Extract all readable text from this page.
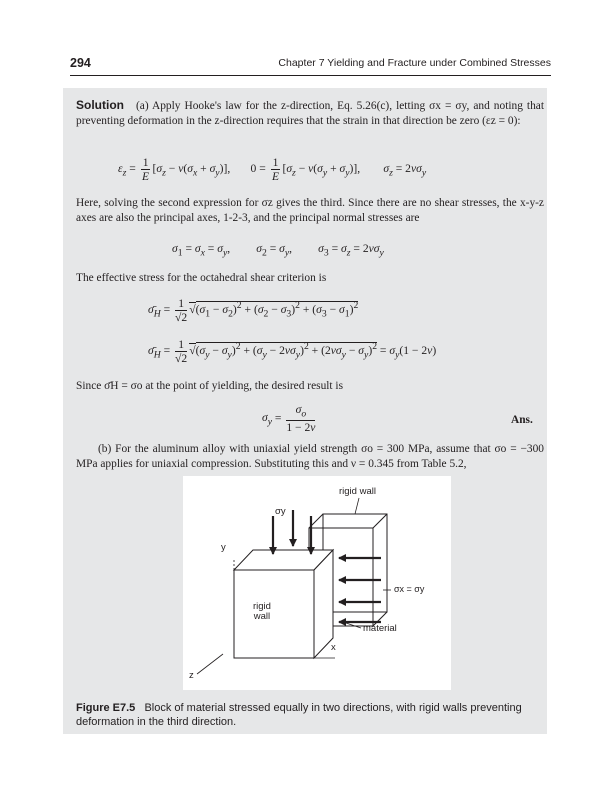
294	Chapter 7 Yielding and Fracture under Combined Stresses
Solution (a) Apply Hooke's law for the z-direction, Eq. 5.26(c), letting σx = σy, and noting that preventing deformation in the z-direction requires that the strain in that direction be zero (εz = 0):
$\varepsilon_z = \frac{1}{E} [\sigma_z - \nu(\sigma_x + \sigma_y)]$,       $0 = \frac{1}{E} [\sigma_z - \nu(\sigma_y + \sigma_y)]$,        $\sigma_z = 2\nu\sigma_y$
Here, solving the second expression for σz gives the third. Since there are no shear stresses, the x-y-z axes are also the principal axes, 1-2-3, and the principal normal stresses are
$\sigma_1 = \sigma_x = \sigma_y$,         $\sigma_2 = \sigma_y$,         $\sigma_3 = \sigma_z = 2\nu\sigma_y$
The effective stress for the octahedral shear criterion is
$\sigmā_H = \frac{1}{√2} √(\sigma_1 - \sigma_2)^2 + (\sigma_2 - \sigma_3)^2 + (\sigma_3 - \sigma_1)^2$
$\sigmā_H = \frac{1}{√2} √(\sigma_y - \sigma_y)^2 + (\sigma_y - 2\nu\sigma_y)^2 + (2\nu\sigma_y - \sigma_y)^2 = \sigma_y(1 - 2\nu)$
Since σ̄H = σo at the point of yielding, the desired result is
$\sigma_y = \frac{\sigma_o}{1 - 2\nu}$	Ans.
(b) For the aluminum alloy with uniaxial yield strength σo = 300 MPa, assume that σo = −300 MPa applies for uniaxial compression. Substituting this and ν = 0.345 from Table 5.2,
rigid wall
σy
y
σx = σy
rigid
wall
material
x
z
Figure E7.5 Block of material stressed equally in two directions, with rigid walls preventing deformation in the third direction.
